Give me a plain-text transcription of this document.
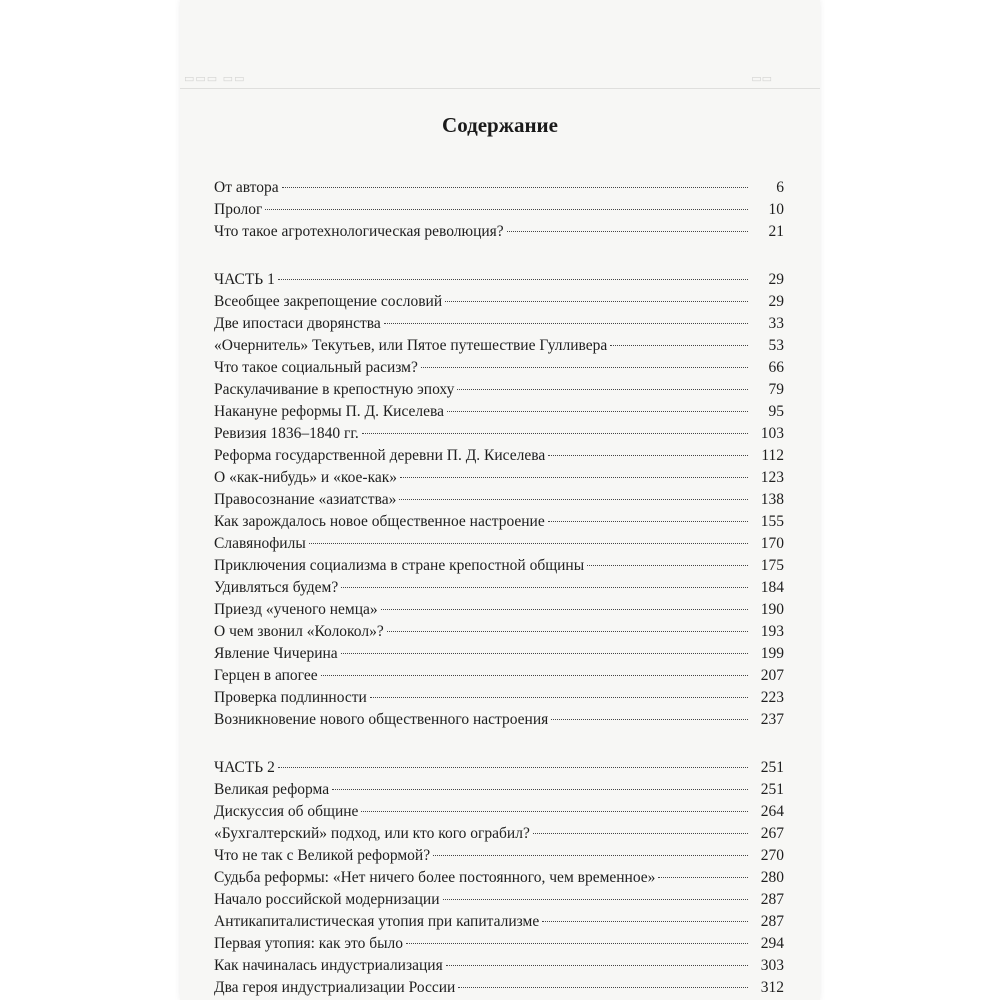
▭▭▭ ▭▭	▭▭
Содержание
От автора	6
Пролог	10
Что такое агротехнологическая революция?	21
ЧАСТЬ 1	29
Всеобщее закрепощение сословий	29
Две ипостаси дворянства	33
«Очернитель» Текутьев, или Пятое путешествие Гулливера	53
Что такое социальный расизм?	66
Раскулачивание в крепостную эпоху	79
Накануне реформы П. Д. Киселева	95
Ревизия 1836–1840 гг.	103
Реформа государственной деревни П. Д. Киселева	112
О «как-нибудь» и «кое-как»	123
Правосознание «азиатства»	138
Как зарождалось новое общественное настроение	155
Славянофилы	170
Приключения социализма в стране крепостной общины	175
Удивляться будем?	184
Приезд «ученого немца»	190
О чем звонил «Колокол»?	193
Явление Чичерина	199
Герцен в апогее	207
Проверка подлинности	223
Возникновение нового общественного настроения	237
ЧАСТЬ 2	251
Великая реформа	251
Дискуссия об общине	264
«Бухгалтерский» подход, или кто кого ограбил?	267
Что не так с Великой реформой?	270
Судьба реформы: «Нет ничего более постоянного, чем временное»	280
Начало российской модернизации	287
Антикапиталистическая утопия при капитализме	287
Первая утопия: как это было	294
Как начиналась индустриализация	303
Два героя индустриализации России	312
